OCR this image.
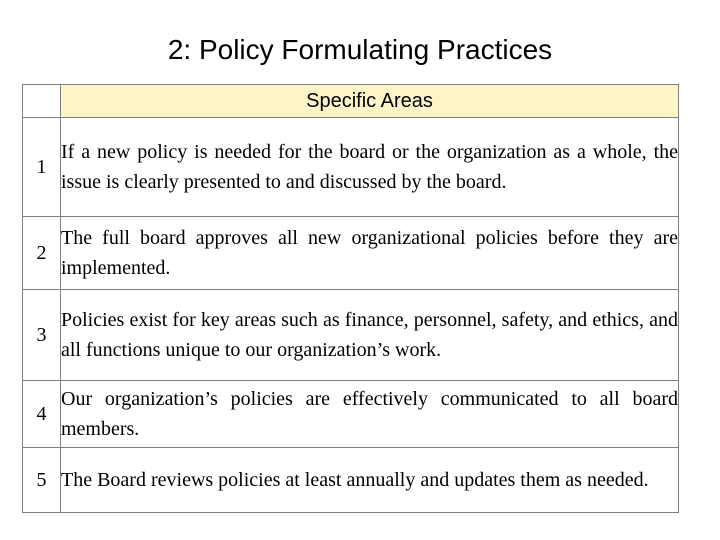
2: Policy Formulating Practices
	Specific Areas
1	If a new policy is needed for the board or the organization as a whole, the issue is clearly presented to and discussed by the board.
2	The full board approves all new organizational policies before they are implemented.
3	Policies exist for key areas such as finance, personnel, safety, and ethics, and all functions unique to our organization’s work.
4	Our organization’s policies are effectively communicated to all board members.
5	The Board reviews policies at least annually and updates them as needed.
